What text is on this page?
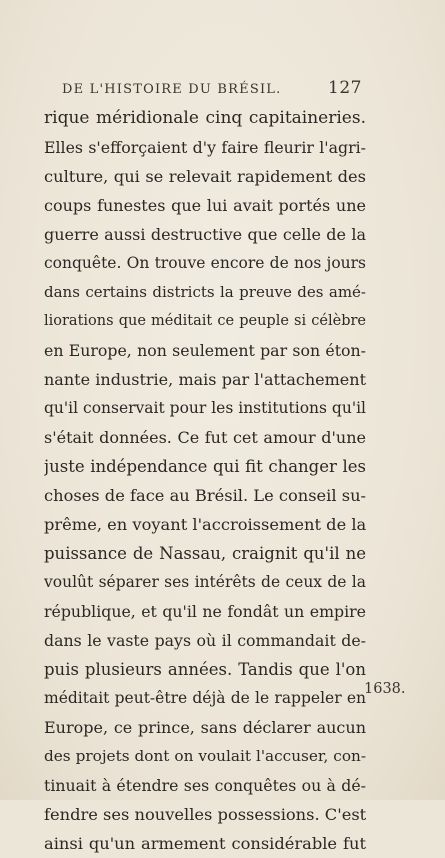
DE L'HISTOIRE DU BRÉSIL.	127
rique méridionale cinq capitaineries.
Elles s'efforçaient d'y faire fleurir l'agri-
culture, qui se relevait rapidement des
coups funestes que lui avait portés une
guerre aussi destructive que celle de la
conquête. On trouve encore de nos jours
dans certains districts la preuve des amé-
liorations que méditait ce peuple si célèbre
en Europe, non seulement par son éton-
nante industrie, mais par l'attachement
qu'il conservait pour les institutions qu'il
s'était données. Ce fut cet amour d'une
juste indépendance qui fit changer les
choses de face au Brésil. Le conseil su-
prême, en voyant l'accroissement de la
puissance de Nassau, craignit qu'il ne
voulût séparer ses intérêts de ceux de la
république, et qu'il ne fondât un empire
dans le vaste pays où il commandait de-
puis plusieurs années. Tandis que l'on
méditait peut-être déjà de le rappeler en
Europe, ce prince, sans déclarer aucun
des projets dont on voulait l'accuser, con-
tinuait à étendre ses conquêtes ou à dé-
fendre ses nouvelles possessions. C'est
ainsi qu'un armement considérable fut
1638.
